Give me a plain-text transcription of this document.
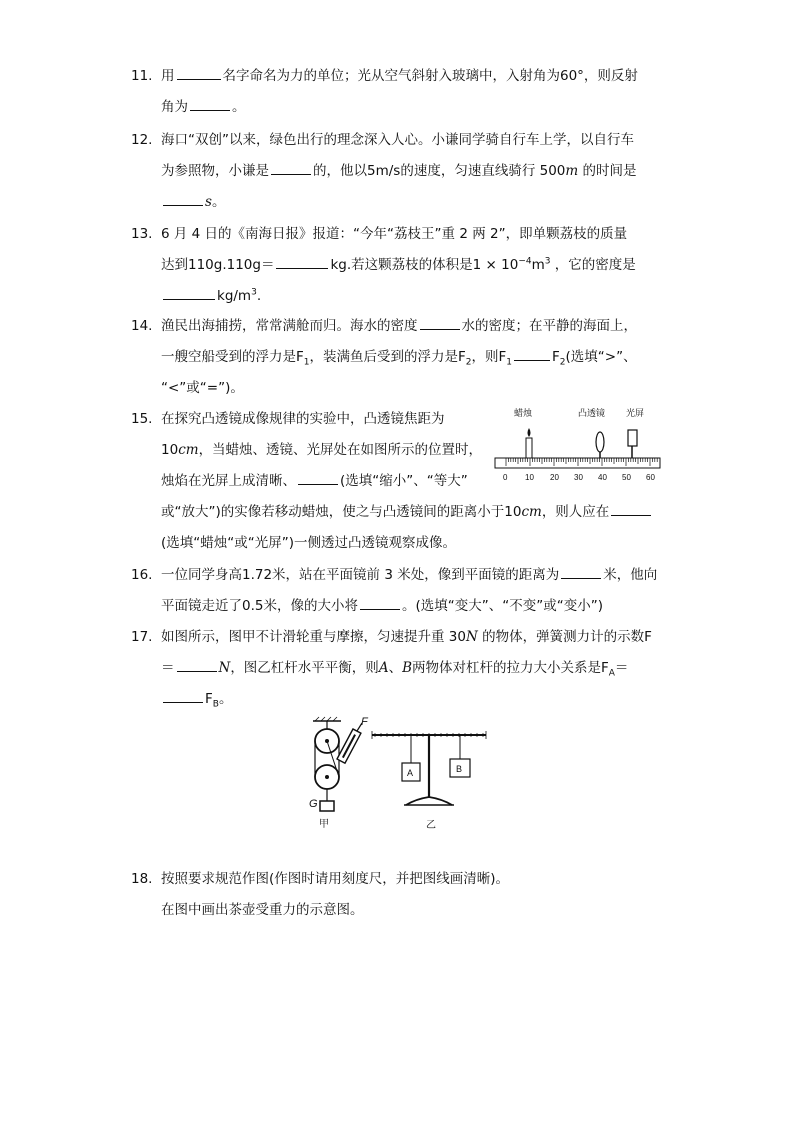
11. 用	名字命名为力的单位；光从空气斜射入玻璃中，入射角为60°，则反射
角为	。
12. 海口“双创”以来，绿色出行的理念深入人心。小谦同学骑自行车上学，以自行车
为参照物，小谦是	的，他以5m/s的速度，匀速直线骑行 500m 的时间是
s。
13. 6 月 4 日的《南海日报》报道：“今年“荔枝王”重 2 两 2”，即单颗荔枝的质量
达到110g.110g＝	kg.若这颗荔枝的体积是$1 \times 10^{-4}m^3$ ，它的密度是
$kg/m^3$.
14. 渔民出海捕捞，常常满舱而归。海水的密度	水的密度；在平静的海面上，
一艘空船受到的浮力是$F_1$，装满鱼后受到的浮力是$F_2$，则$F_1$	$F_2$(选填“>”、
“<”或“=”)。
15. 在探究凸透镜成像规律的实验中，凸透镜焦距为
10cm，当蜡烛、透镜、光屏处在如图所示的位置时，
烛焰在光屏上成清晰、	(选填“缩小”、“等大”
或“放大”)的实像若移动蜡烛，使之与凸透镜间的距离小于10cm，则人应在
(选填“蜡烛“或“光屏”)一侧透过凸透镜观察成像。
蜡烛	凸透镜 光屏
0 10 20 30 40 50 60
16. 一位同学身高1.72米，站在平面镜前 3 米处，像到平面镜的距离为	米，他向
平面镜走近了0.5米，像的大小将	。(选填“变大”、“不变”或“变小”)
17. 如图所示，图甲不计滑轮重与摩擦，匀速提升重 30N 的物体，弹簧测力计的示数F
＝	N，图乙杠杆水平平衡，则A、B两物体对杠杆的拉力大小关系是$F_A=$
$F_B$。
F
G
甲
A	B
乙
18. 按照要求规范作图(作图时请用刻度尺，并把图线画清晰)。
在图中画出茶壶受重力的示意图。
